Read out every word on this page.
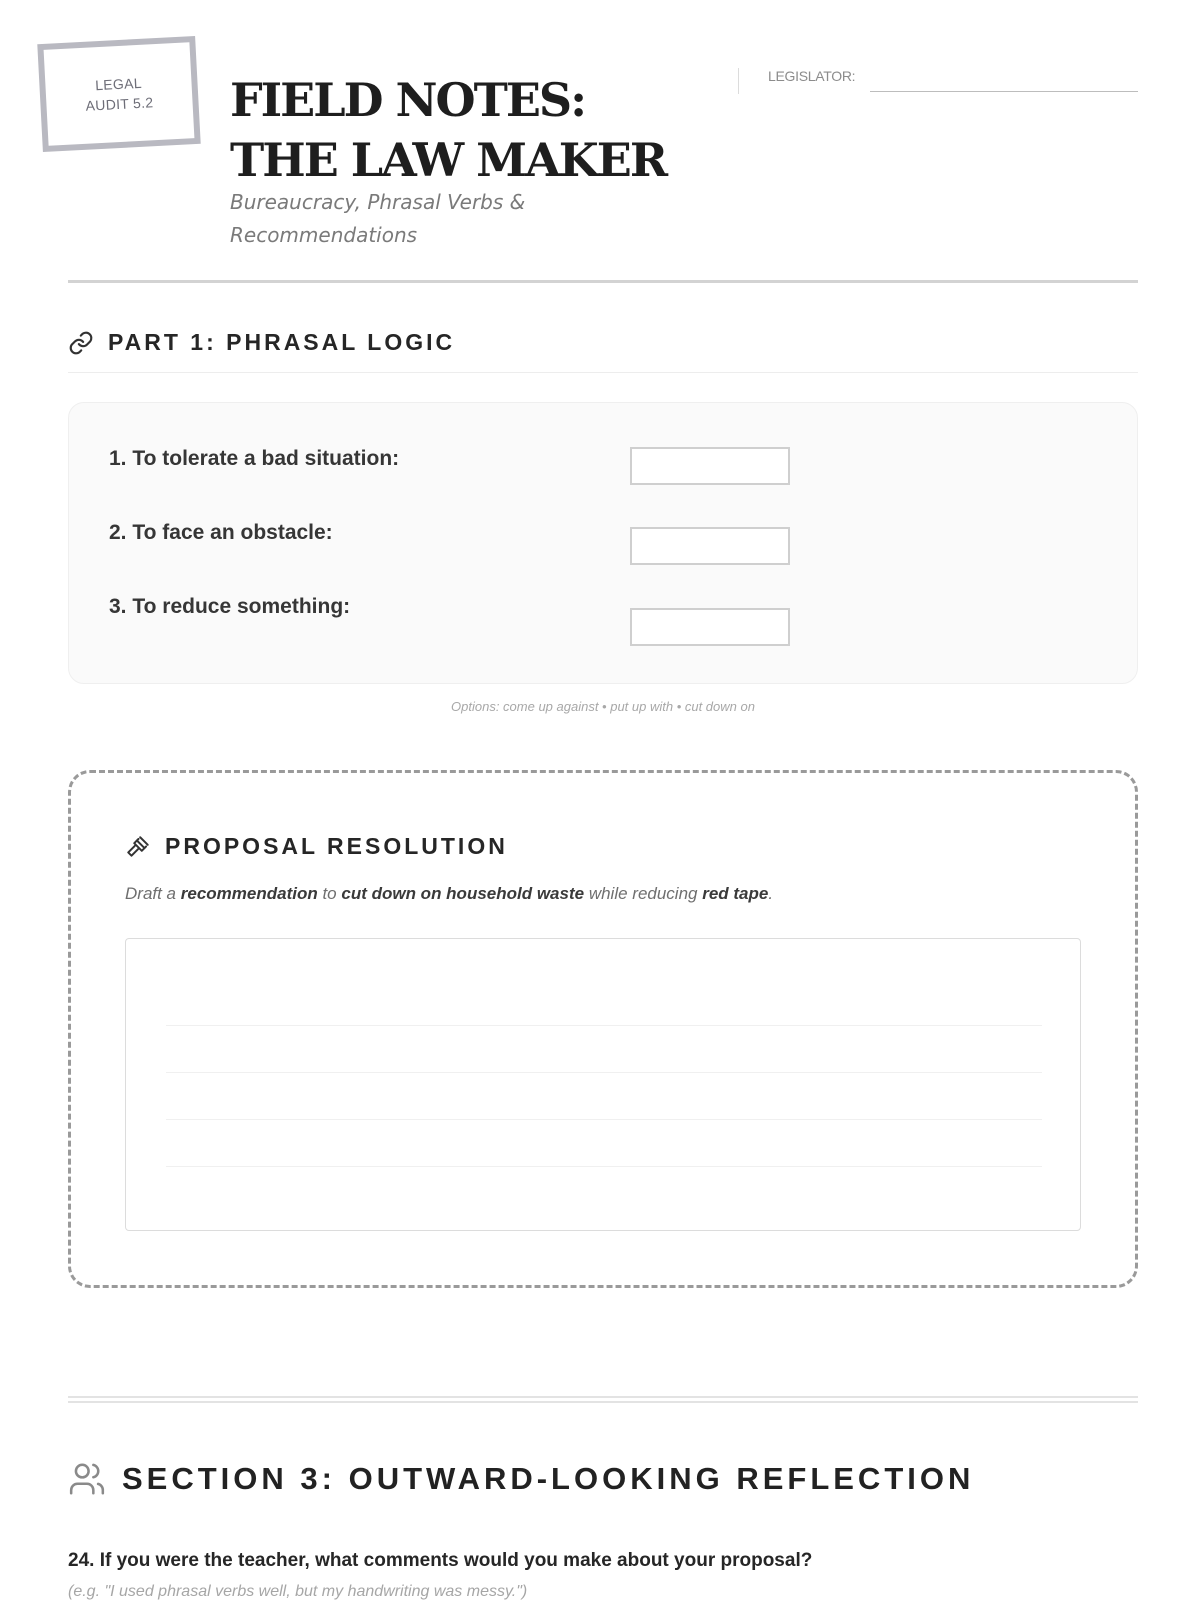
LEGAL
AUDIT 5.2 FIELD NOTES: THE LAW MAKER
Bureaucracy, Phrasal Verbs & Recommendations
LEGISLATOR:
PART 1: PHRASAL LOGIC
1. To tolerate a bad situation:
2. To face an obstacle:
3. To reduce something:
Options: come up against • put up with • cut down on
PROPOSAL RESOLUTION
Draft a recommendation to cut down on household waste while reducing red tape.
SECTION 3: OUTWARD-LOOKING REFLECTION
24. If you were the teacher, what comments would you make about your proposal?
(e.g. "I used phrasal verbs well, but my handwriting was messy.")
